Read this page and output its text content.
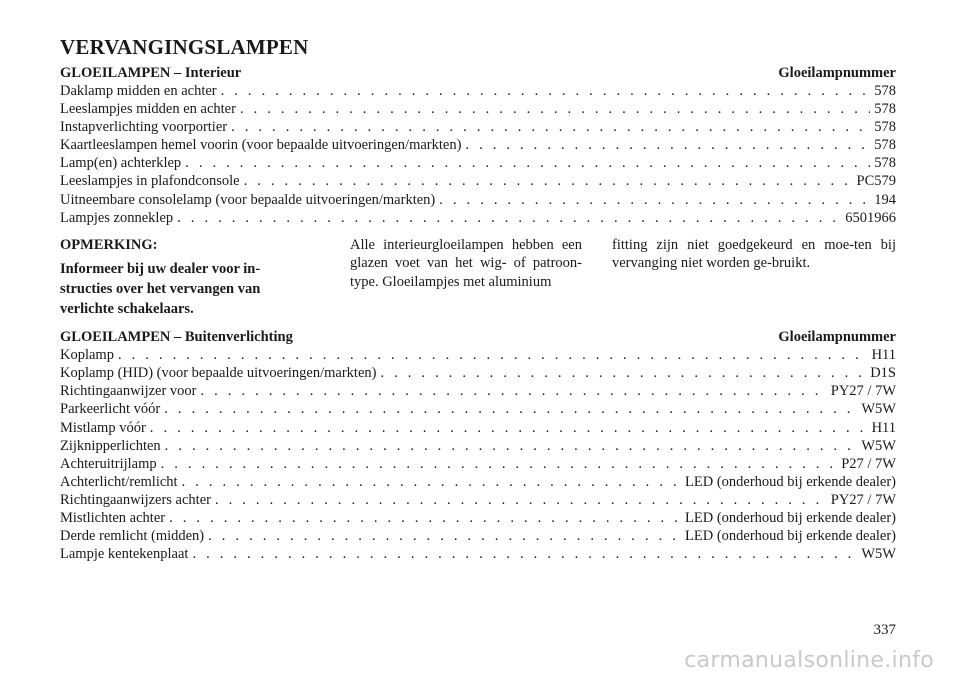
VERVANGINGSLAMPEN
GLOEILAMPEN – Interieur	Gloeilampnummer
Daklamp midden en achter . . .	578
Leeslampjes midden en achter . . .	578
Instapverlichting voorportier . . .	578
Kaartleeslampen hemel voorin (voor bepaalde uitvoeringen/markten) . . .	578
Lamp(en) achterklep . . .	578
Leeslampjes in plafondconsole . . .	PC579
Uitneembare consolelamp (voor bepaalde uitvoeringen/markten) . . .	194
Lampjes zonneklep . . .	6501966
OPMERKING:
Informeer bij uw dealer voor in-structies over het vervangen van verlichte schakelaars.
Alle interieurgloeilampen hebben een glazen voet van het wig- of patroon-type. Gloeilampjes met aluminium
fitting zijn niet goedgekeurd en moe-ten bij vervanging niet worden ge-bruikt.
GLOEILAMPEN – Buitenverlichting	Gloeilampnummer
Koplamp . . .	H11
Koplamp (HID) (voor bepaalde uitvoeringen/markten) . . .	D1S
Richtingaanwijzer voor . . .	PY27 / 7W
Parkeerlicht vóór . . .	W5W
Mistlamp vóór . . .	H11
Zijknipperlichten . . .	W5W
Achteruitrijlamp . . .	P27 / 7W
Achterlicht/remlicht . . .	LED (onderhoud bij erkende dealer)
Richtingaanwijzers achter . . .	PY27 / 7W
Mistlichten achter . . .	LED (onderhoud bij erkende dealer)
Derde remlicht (midden) . . .	LED (onderhoud bij erkende dealer)
Lampje kentekenplaat . . .	W5W
337
carmanualsonline.info
